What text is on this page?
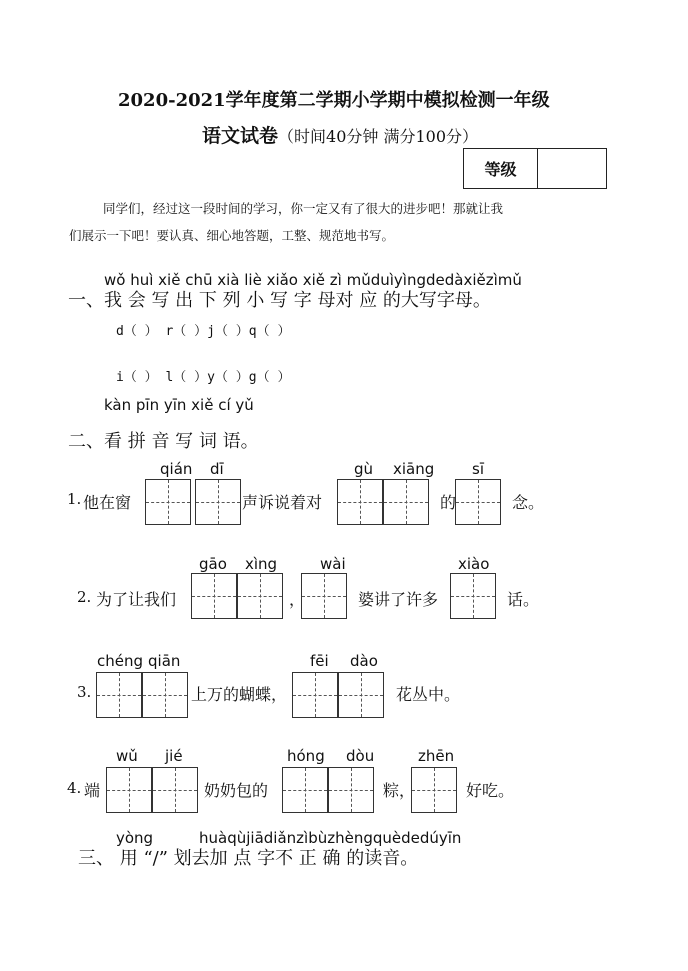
2020-2021学年度第二学期小学期中模拟检测一年级
语文试卷（时间40分钟 满分100分）
等级
同学们，经过这一段时间的学习，你一定又有了很大的进步吧！那就让我
们展示一下吧！要认真、细心地答题，工整、规范地书写。
wǒ huì xiě chū xià liè xiǎo xiě zì mǔduìyìngdedàxiězìmǔ
一、我 会 写 出 下 列 小 写 字 母对 应 的大写字母。
d（ ） r（ ）j（ ）q（ ）
i（ ） l（ ）y（ ）g（ ）
kàn pīn yīn xiě cí yǔ
二、看 拼 音 写 词 语。
qián dī	gù xiāng	sī
1. 他在窗	声诉说着对	的	念。
gāo xìng	wài	xiào
2. 为了让我们	，	婆讲了许多	话。
chéng qiān	fēi dào
3.	上万的蝴蝶，	花丛中。
wǔ jié	hóng dòu	zhēn
4. 端	奶奶包的	粽，	好吃。
yòng	huàqùjiādiǎnzìbùzhèngquèdedúyīn
三、 用 “/” 划去加 点 字不 正 确 的读音。
